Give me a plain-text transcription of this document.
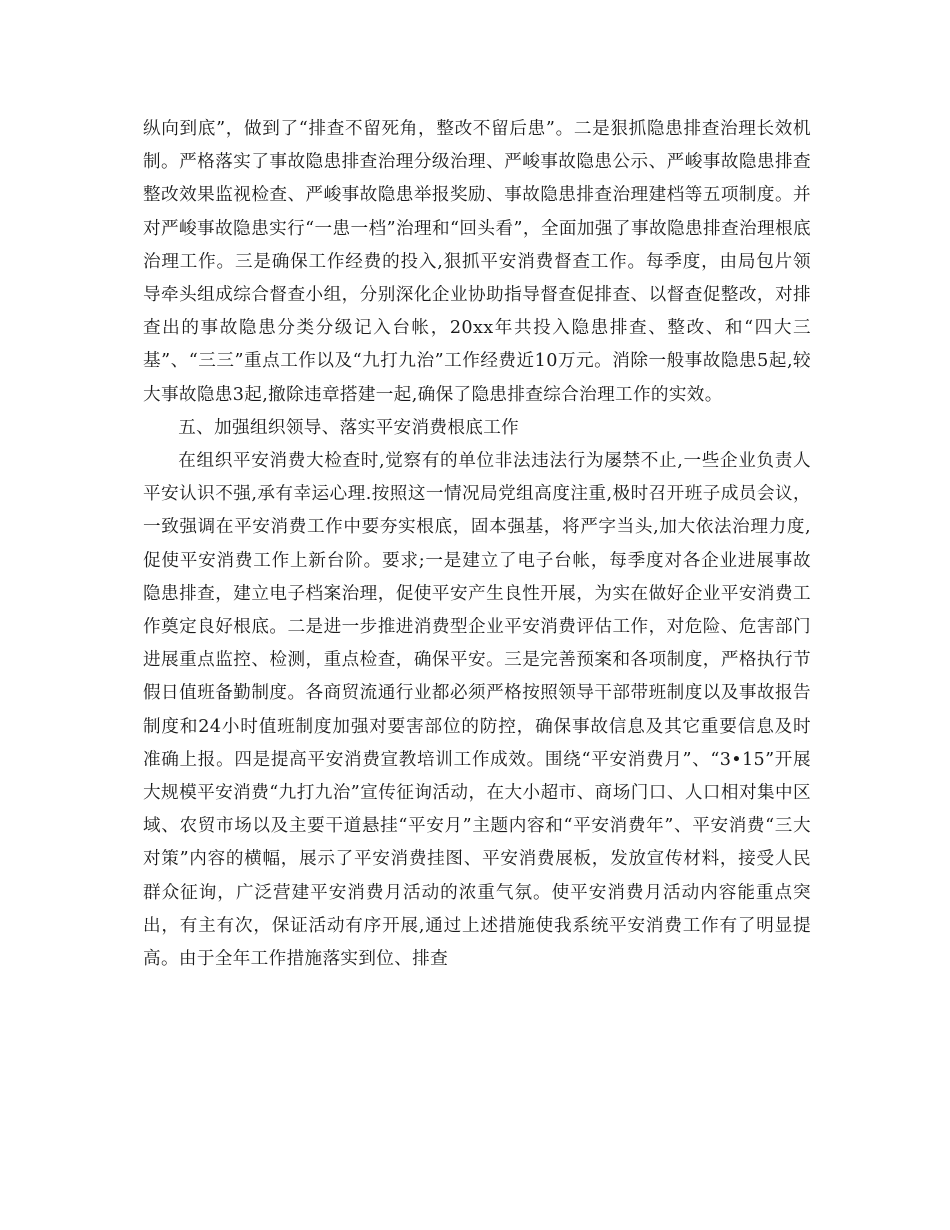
纵向到底”，做到了“排查不留死角，整改不留后患”。二是狠抓隐患排查治理长效机制。严格落实了事故隐患排查治理分级治理、严峻事故隐患公示、严峻事故隐患排查整改效果监视检查、严峻事故隐患举报奖励、事故隐患排查治理建档等五项制度。并对严峻事故隐患实行“一患一档”治理和“回头看”，全面加强了事故隐患排查治理根底治理工作。三是确保工作经费的投入,狠抓平安消费督查工作。每季度，由局包片领导牵头组成综合督查小组，分别深化企业协助指导督查促排查、以督查促整改，对排查出的事故隐患分类分级记入台帐，20xx年共投入隐患排查、整改、和“四大三基”、“三三”重点工作以及“九打九治”工作经费近10万元。消除一般事故隐患5起,较大事故隐患3起,撤除违章搭建一起,确保了隐患排查综合治理工作的实效。

五、加强组织领导、落实平安消费根底工作

在组织平安消费大检查时,觉察有的单位非法违法行为屡禁不止,一些企业负责人平安认识不强,承有幸运心理.按照这一情况局党组高度注重,极时召开班子成员会议，一致强调在平安消费工作中要夯实根底，固本强基，将严字当头,加大依法治理力度,促使平安消费工作上新台阶。要求;一是建立了电子台帐，每季度对各企业进展事故隐患排查，建立电子档案治理，促使平安产生良性开展，为实在做好企业平安消费工作奠定良好根底。二是进一步推进消费型企业平安消费评估工作，对危险、危害部门进展重点监控、检测，重点检查，确保平安。三是完善预案和各项制度，严格执行节假日值班备勤制度。各商贸流通行业都必须严格按照领导干部带班制度以及事故报告制度和24小时值班制度加强对要害部位的防控，确保事故信息及其它重要信息及时准确上报。四是提高平安消费宣教培训工作成效。围绕“平安消费月”、“3•15”开展大规模平安消费“九打九治”宣传征询活动，在大小超市、商场门口、人口相对集中区域、农贸市场以及主要干道悬挂“平安月”主题内容和“平安消费年”、平安消费“三大对策”内容的横幅，展示了平安消费挂图、平安消费展板，发放宣传材料，接受人民群众征询，广泛营建平安消费月活动的浓重气氛。使平安消费月活动内容能重点突出，有主有次，保证活动有序开展,通过上述措施使我系统平安消费工作有了明显提高。由于全年工作措施落实到位、排查
